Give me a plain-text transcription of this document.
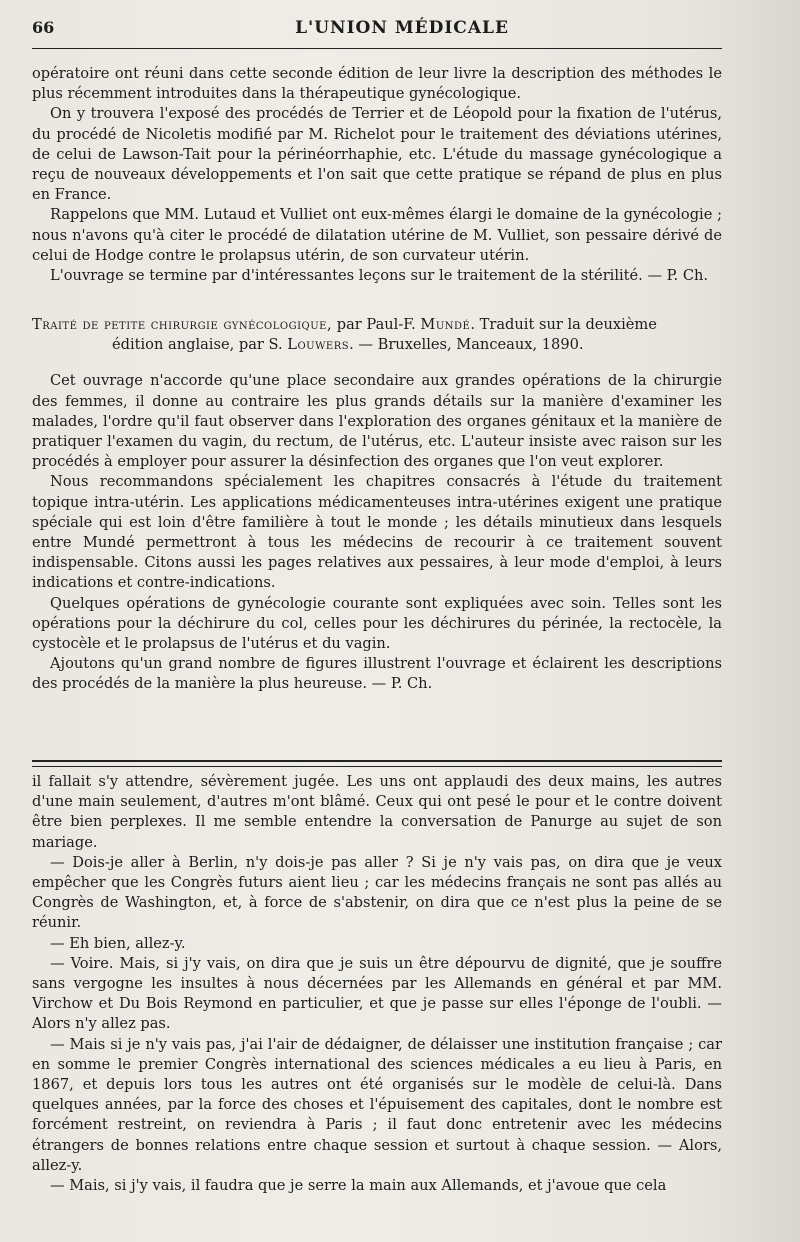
66	L'UNION MÉDICALE

opératoire ont réuni dans cette seconde édition de leur livre la description des méthodes le plus récemment introduites dans la thérapeutique gynécologique.

On y trouvera l'exposé des procédés de Terrier et de Léopold pour la fixation de l'utérus, du procédé de Nicoletis modifié par M. Richelot pour le traitement des déviations utérines, de celui de Lawson-Tait pour la périnéorrhaphie, etc. L'étude du massage gynécologique a reçu de nouveaux développements et l'on sait que cette pratique se répand de plus en plus en France.

Rappelons que MM. Lutaud et Vulliet ont eux-mêmes élargi le domaine de la gynécologie ; nous n'avons qu'à citer le procédé de dilatation utérine de M. Vulliet, son pessaire dérivé de celui de Hodge contre le prolapsus utérin, de son curvateur utérin.

L'ouvrage se termine par d'intéressantes leçons sur le traitement de la stérilité. — P. Ch.

Traité de petite chirurgie gynécologique, par Paul-F. Mundé. Traduit sur la deuxième
édition anglaise, par S. Louwers. — Bruxelles, Manceaux, 1890.

Cet ouvrage n'accorde qu'une place secondaire aux grandes opérations de la chirurgie des femmes, il donne au contraire les plus grands détails sur la manière d'examiner les malades, l'ordre qu'il faut observer dans l'exploration des organes génitaux et la manière de pratiquer l'examen du vagin, du rectum, de l'utérus, etc. L'auteur insiste avec raison sur les procédés à employer pour assurer la désinfection des organes que l'on veut explorer.

Nous recommandons spécialement les chapitres consacrés à l'étude du traitement topique intra-utérin. Les applications médicamenteuses intra-utérines exigent une pratique spéciale qui est loin d'être familière à tout le monde ; les détails minutieux dans lesquels entre Mundé permettront à tous les médecins de recourir à ce traitement souvent indispensable. Citons aussi les pages relatives aux pessaires, à leur mode d'emploi, à leurs indications et contre-indications.

Quelques opérations de gynécologie courante sont expliquées avec soin. Telles sont les opérations pour la déchirure du col, celles pour les déchirures du périnée, la rectocèle, la cystocèle et le prolapsus de l'utérus et du vagin.

Ajoutons qu'un grand nombre de figures illustrent l'ouvrage et éclairent les descriptions des procédés de la manière la plus heureuse. — P. Ch.

il fallait s'y attendre, sévèrement jugée. Les uns ont applaudi des deux mains, les autres d'une main seulement, d'autres m'ont blâmé. Ceux qui ont pesé le pour et le contre doivent être bien perplexes. Il me semble entendre la conversation de Panurge au sujet de son mariage.

— Dois-je aller à Berlin, n'y dois-je pas aller ? Si je n'y vais pas, on dira que je veux empêcher que les Congrès futurs aient lieu ; car les médecins français ne sont pas allés au Congrès de Washington, et, à force de s'abstenir, on dira que ce n'est plus la peine de se réunir.

— Eh bien, allez-y.

— Voire. Mais, si j'y vais, on dira que je suis un être dépourvu de dignité, que je souffre sans vergogne les insultes à nous décernées par les Allemands en général et par MM. Virchow et Du Bois Reymond en particulier, et que je passe sur elles l'éponge de l'oubli. — Alors n'y allez pas.

— Mais si je n'y vais pas, j'ai l'air de dédaigner, de délaisser une institution française ; car en somme le premier Congrès international des sciences médicales a eu lieu à Paris, en 1867, et depuis lors tous les autres ont été organisés sur le modèle de celui-là. Dans quelques années, par la force des choses et l'épuisement des capitales, dont le nombre est forcément restreint, on reviendra à Paris ; il faut donc entretenir avec les médecins étrangers de bonnes relations entre chaque session et surtout à chaque session. — Alors, allez-y.

— Mais, si j'y vais, il faudra que je serre la main aux Allemands, et j'avoue que cela
